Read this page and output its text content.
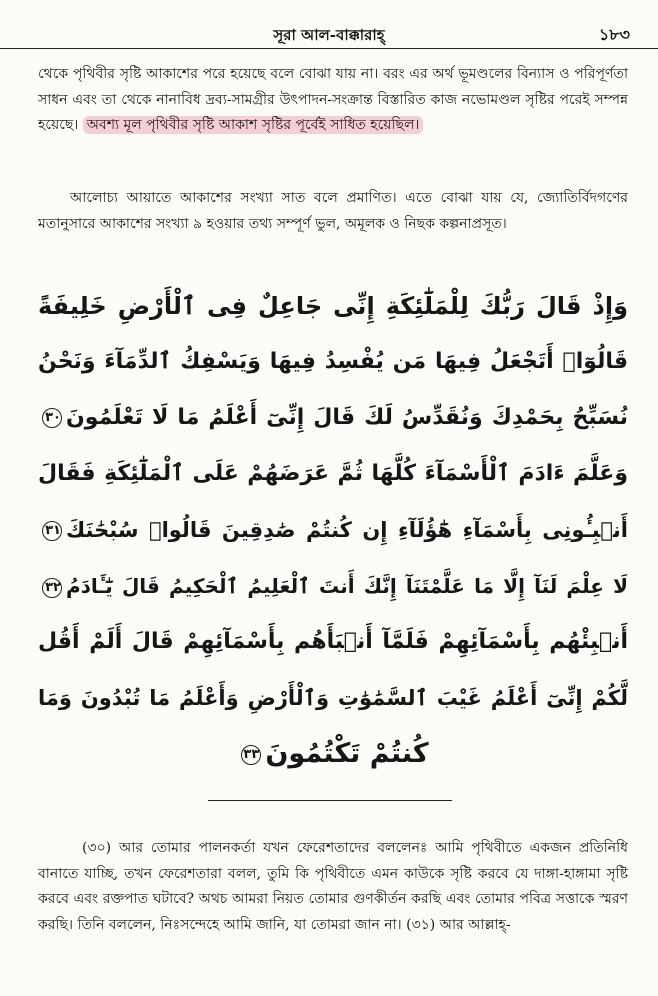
সূরা আল-বাক্কারাহ্	১৮৩

থেকে পৃথিবীর সৃষ্টি আকাশের পরে হয়েছে বলে বোঝা যায় না। বরং এর অর্থ ভূমণ্ডলের বিন্যাস ও পরিপূর্ণতা সাধন এবং তা থেকে নানাবিধ দ্রব্য-সামগ্রীর উৎপাদন-সংক্রান্ত বিস্তারিত কাজ নভোমণ্ডল সৃষ্টির পরেই সম্পন্ন হয়েছে। অবশ্য মূল পৃথিবীর সৃষ্টি আকাশ সৃষ্টির পূর্বেই সাধিত হয়েছিল।

আলোচ্য আয়াতে আকাশের সংখ্যা সাত বলে প্রমাণিত। এতে বোঝা যায় যে, জ্যোতির্বিদগণের মতানুসারে আকাশের সংখ্যা ৯ হওয়ার তথ্য সম্পূর্ণ ভুল, অমূলক ও নিছক কল্পনাপ্রসূত।

وَإِذْ قَالَ رَبُّكَ لِلْمَلَٰٓئِكَةِ إِنِّى جَاعِلٌ فِى ٱلْأَرْضِ خَلِيفَةً
قَالُوٓا۟ أَتَجْعَلُ فِيهَا مَن يُفْسِدُ فِيهَا وَيَسْفِكُ ٱلدِّمَآءَ وَنَحْنُ
نُسَبِّحُ بِحَمْدِكَ وَنُقَدِّسُ لَكَ قَالَ إِنِّىٓ أَعْلَمُ مَا لَا تَعْلَمُونَ٣٠
وَعَلَّمَ ءَادَمَ ٱلْأَسْمَآءَ كُلَّهَا ثُمَّ عَرَضَهُمْ عَلَى ٱلْمَلَٰٓئِكَةِ فَقَالَ
أَنۢبِـُٔونِى بِأَسْمَآءِ هَٰٓؤُلَآءِ إِن كُنتُمْ صَٰدِقِينَ قَالُوا۟ سُبْحَٰنَكَ٣١
لَا عِلْمَ لَنَآ إِلَّا مَا عَلَّمْتَنَآ إِنَّكَ أَنتَ ٱلْعَلِيمُ ٱلْحَكِيمُ قَالَ يَٰٓـَٔادَمُ٣٢
أَنۢبِئْهُم بِأَسْمَآئِهِمْ فَلَمَّآ أَنۢبَأَهُم بِأَسْمَآئِهِمْ قَالَ أَلَمْ أَقُل
لَّكُمْ إِنِّىٓ أَعْلَمُ غَيْبَ ٱلسَّمَٰوَٰتِ وَٱلْأَرْضِ وَأَعْلَمُ مَا تُبْدُونَ وَمَا
كُنتُمْ تَكْتُمُونَ٣٣

(৩০) আর তোমার পালনকর্তা যখন ফেরেশতাদের বললেনঃ আমি পৃথিবীতে একজন প্রতিনিধি বানাতে যাচ্ছি, তখন ফেরেশতারা বলল, তুমি কি পৃথিবীতে এমন কাউকে সৃষ্টি করবে যে দাঙ্গা-হাঙ্গামা সৃষ্টি করবে এবং রক্তপাত ঘটাবে? অথচ আমরা নিয়ত তোমার গুণকীর্তন করছি এবং তোমার পবিত্র সত্তাকে স্মরণ করছি। তিনি বললেন, নিঃসন্দেহে আমি জানি, যা তোমরা জান না। (৩১) আর আল্লাহ্‌-
